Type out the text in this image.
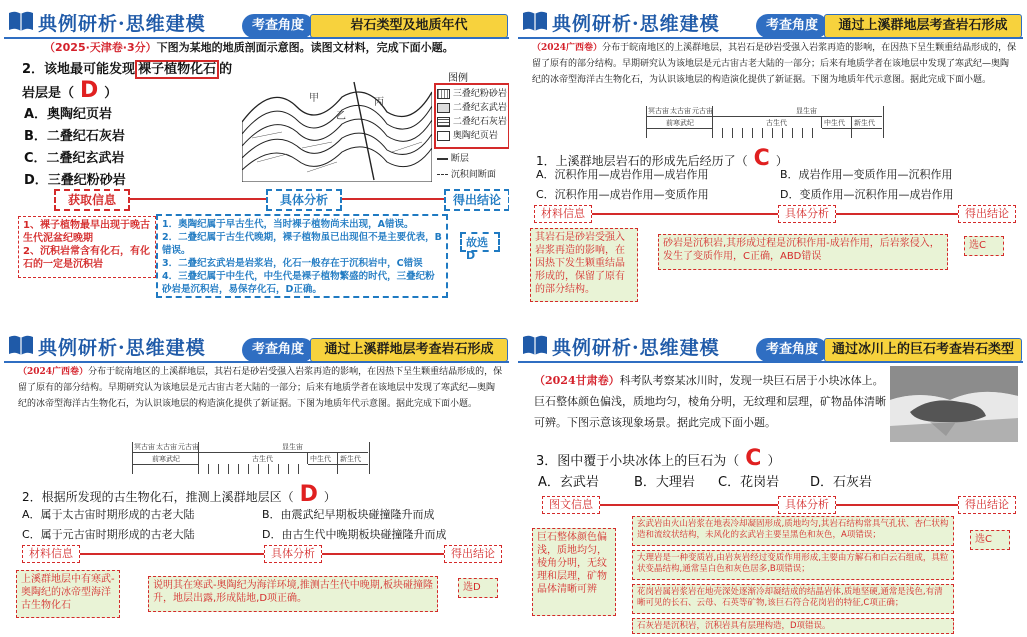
典例研析·思维建模	考查角度	岩石类型及地质年代
（2025·天津卷·3分）下图为某地的地质剖面示意图。读图文材料，完成下面小题。
2．该地最可能发现 裸子植物化石 的
岩层是（ D ）
A．奥陶纪页岩
B．二叠纪石灰岩
C．二叠纪玄武岩
D．三叠纪粉砂岩
甲
乙
丙
图例
三叠纪粉砂岩
二叠纪玄武岩
二叠纪石灰岩
奥陶纪页岩
断层
沉积间断面
获取信息	具体分析	得出结论
1、裸子植物最早出现于晚古生代泥盆纪晚期
2、沉积岩常含有化石，有化石的一定是沉积岩
1．奥陶纪属于早古生代，当时裸子植物尚未出现，A错误。
2．二叠纪属于古生代晚期，裸子植物虽已出现但不是主要优表，B错误。
3．二叠纪玄武岩是岩浆岩，化石一般存在于沉积岩中，C错误
4．三叠纪属于中生代，中生代是裸子植物繁盛的时代，三叠纪粉砂岩是沉积岩，易保存化石，D正确。
故选D
典例研析·思维建模	考查角度	通过上溪群地层考查岩石形成
（2024广西卷）分布于皖南地区的上溪群地层，其岩石是砂岩受强入岩浆再造的影响，在因热下呈生颗重结晶形成的，保留了原有的部分结构。早期研究认为该地层是元古宙古老大陆的一部分；后来有地质学者在该地层中发现了寒武纪—奥陶纪的冰帝型海洋古生物化石，为认识该地层的构造演化提供了新证据。下图为地质年代示意图。据此完成下面小题。
冥古宙 太古宙 元古宙	显生宙
前寒武纪	古生代	中生代 新生代
1．上溪群地层岩石的形成先后经历了（ C ）
A．沉积作用—成岩作用—成岩作用	B．成岩作用—变质作用—沉积作用
C．沉积作用—成岩作用—变质作用	D．变质作用—沉积作用—成岩作用
材料信息	具体分析	得出结论
其岩石是砂岩受强入岩浆再造的影响，在因热下发生颗重结晶形成的，保留了原有的部分结构。
砂岩是沉积岩,其形成过程是沉积作用-成岩作用，后岩浆侵入，发生了变质作用，C正确，ABD错误
选C
典例研析·思维建模	考查角度	通过上溪群地层考查岩石形成
（2024广西卷）分布于皖南地区的上溪群地层，其岩石是砂岩受强入岩浆再造的影响，在因热下呈生颗重结晶形成的，保留了原有的部分结构。早期研究认为该地层是元古宙古老大陆的一部分；后来有地质学者在该地层中发现了寒武纪—奥陶纪的冰帝型海洋古生物化石，为认识该地层的构造演化提供了新证据。下图为地质年代示意图。据此完成下面小题。
冥古宙 太古宙 元古宙	显生宙
前寒武纪	古生代	中生代 新生代
2．根据所发现的古生物化石，推测上溪群地层区（ D ）
A．属于太古宙时期形成的古老大陆	B．由震武纪早期板块碰撞隆升而成
C．属于元古宙时期形成的古老大陆	D．由古生代中晚期板块碰撞隆升而成
材料信息	具体分析	得出结论
上溪群地层中有寒武-奥陶纪的冰帝型海洋古生物化石
说明其在寒武-奥陶纪为海洋环境,推测古生代中晚期,板块碰撞隆升，地层出露,形成陆地,D项正确。
选D
典例研析·思维建模	考查角度	通过冰川上的巨石考查岩石类型
（2024甘肃卷）科考队考察某冰川时，发现一块巨石居于小块冰体上。巨石整体颜色偏浅，质地均匀，棱角分明，无纹理和层理，矿物晶体清晰可辨。下图示意该现象场景。据此完成下面小题。
3．图中覆于小块冰体上的巨石为（ C ）
A．玄武岩	B．大理岩 C．花岗岩 D．石灰岩
图文信息	具体分析	得出结论
巨石整体颜色偏浅，质地均匀，棱角分明，无纹理和层理，矿物晶体清晰可辨
玄武岩由火山岩浆在地表冷却凝固形成,质地均匀,其岩石结构常具气孔状、杏仁状构造和流纹状结构，未风化的玄武岩主要呈黑色和灰色，A项错误；
大理岩是一种变质岩,由岩灰岩经过变质作用形成,主要由方解石和白云石组成，具粒状变晶结构,通常呈白色和灰色居多,B项错误；
花岗岩属岩浆岩在地壳深处逐渐冷却凝结成的结晶岩体,质地坚硬,通常是浅色,有清晰可见的长石、云母、石英等矿物,该巨石符合花岗岩的特征,C项正确；
石灰岩是沉积岩，沉积岩具有层理构造，D项错误。
选C
